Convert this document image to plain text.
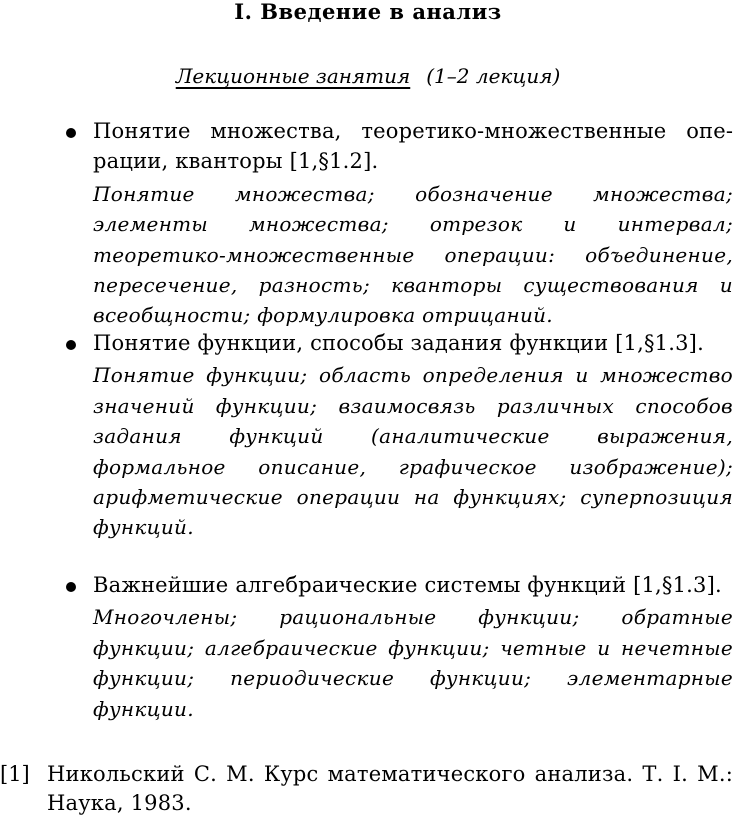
I. Введение в анализ
Лекционные занятия (1–2 лекция)
Понятие множества, теоретико-множественные операции, кванторы [1,§1.2].
Понятие множества; обозначение множества; элементы множества; отрезок и интервал; теоретико-множественные операции: объединение, пересечение, разность; кванторы существования и всеобщности; формулировка отрицаний.
Понятие функции, способы задания функции [1,§1.3].
Понятие функции; область определения и множество значений функции; взаимосвязь различных способов задания функций (аналитические выражения, формальное описание, графическое изображение); арифметические операции на функциях; суперпозиция функций.
Важнейшие алгебраические системы функций [1,§1.3].
Многочлены; рациональные функции; обратные функции; алгебраические функции; четные и нечетные функции; периодические функции; элементарные функции.
[1] Никольский С. М. Курс математического анализа. Т. I. М.: Наука, 1983.
